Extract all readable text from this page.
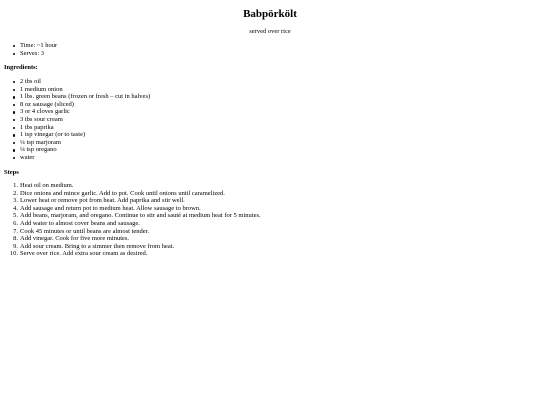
Babpörkölt
served over rice
Time: ~1 hour
Serves: 3
Ingredients:
2 tbs oil
1 medium onion
1 lbs. green beans (frozen or fresh – cut in halves)
8 oz sausage (sliced)
3 or 4 cloves garlic
3 tbs sour cream
1 tbs paprika
1 tsp vinegar (or to taste)
¼ tsp marjoram
¼ tsp oregano
water
Steps
1. Heat oil on medium.
2. Dice onions and mince garlic. Add to pot. Cook until onions until caramelized.
3. Lower heat or remove pot from heat. Add paprika and stir well.
4. Add sausage and return pot to medium heat. Allow sausage to brown.
5. Add beans, marjoram, and oregano. Continue to stir and sauté at medium heat for 5 minutes.
6. Add water to almost cover beans and sausage.
7. Cook 45 minutes or until beans are almost tender.
8. Add vinegar. Cook for five more minutes.
9. Add sour cream. Bring to a simmer then remove from heat.
10. Serve over rice. Add extra sour cream as desired.
